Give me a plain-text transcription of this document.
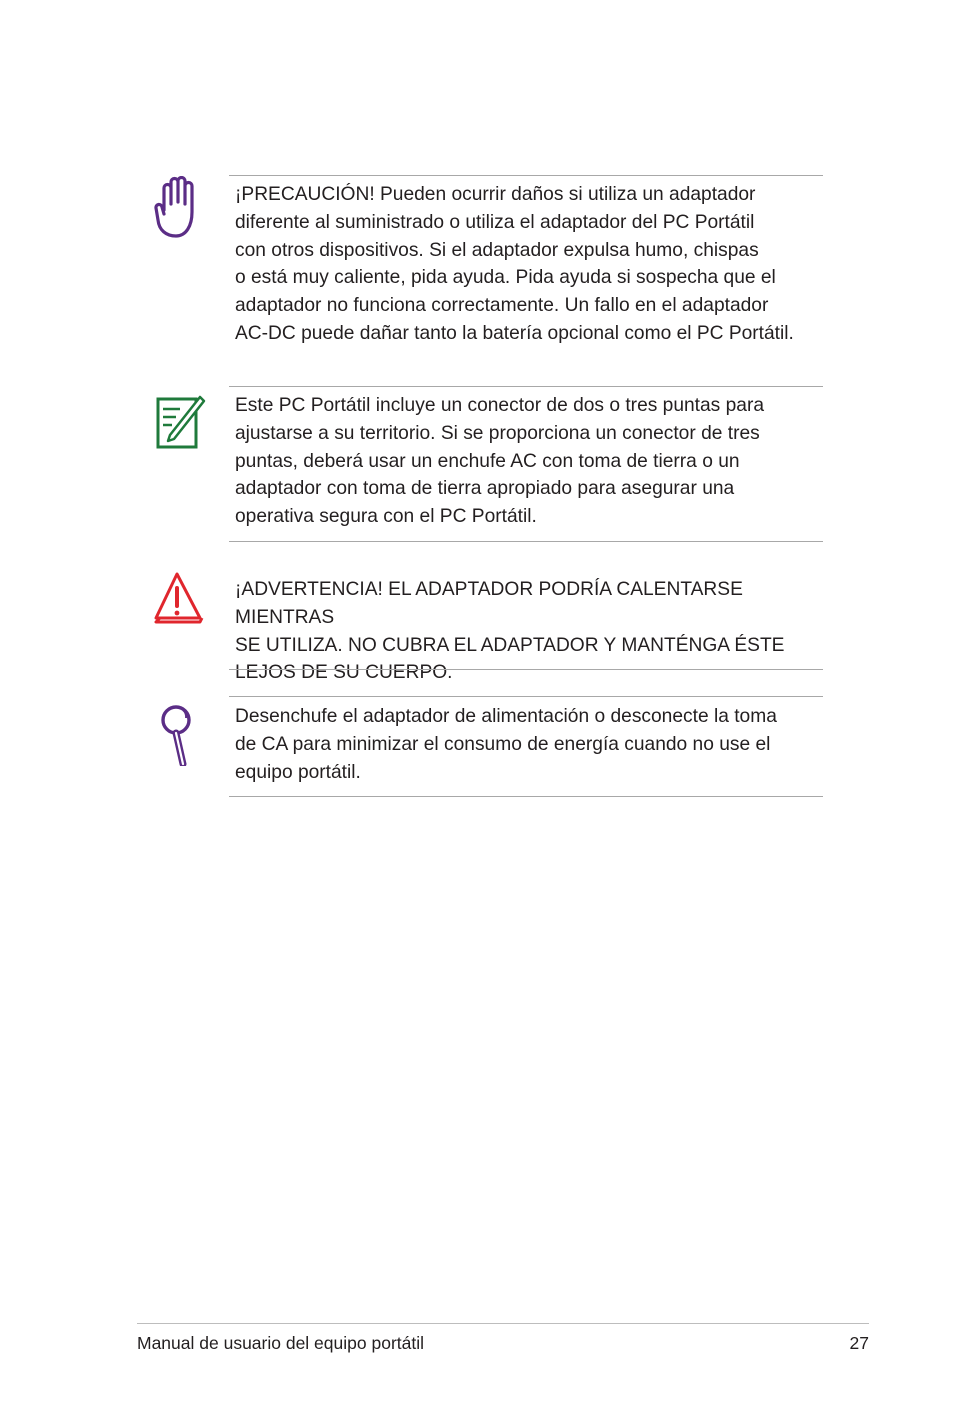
¡PRECAUCIÓN! Pueden ocurrir daños si utiliza un adaptador
diferente al suministrado o utiliza el adaptador del PC Portátil
con otros dispositivos. Si el adaptador expulsa humo, chispas
o está muy caliente, pida ayuda. Pida ayuda si sospecha que el
adaptador no funciona correctamente. Un fallo en el adaptador
AC-DC puede dañar tanto la batería opcional como el PC Portátil.

Este PC Portátil incluye un conector de dos o tres puntas para
ajustarse a su territorio. Si se proporciona un conector de tres
puntas, deberá usar un enchufe AC con toma de tierra o un
adaptador con toma de tierra apropiado para asegurar una
operativa segura con el PC Portátil.

¡ADVERTENCIA! EL ADAPTADOR PODRÍA CALENTARSE MIENTRAS
SE UTILIZA. NO CUBRA EL ADAPTADOR Y MANTÉNGA ÉSTE
LEJOS DE SU CUERPO.

Desenchufe el adaptador de alimentación o desconecte la toma
de CA para minimizar el consumo de energía cuando no use el
equipo portátil.

Manual de usuario del equipo portátil	27
